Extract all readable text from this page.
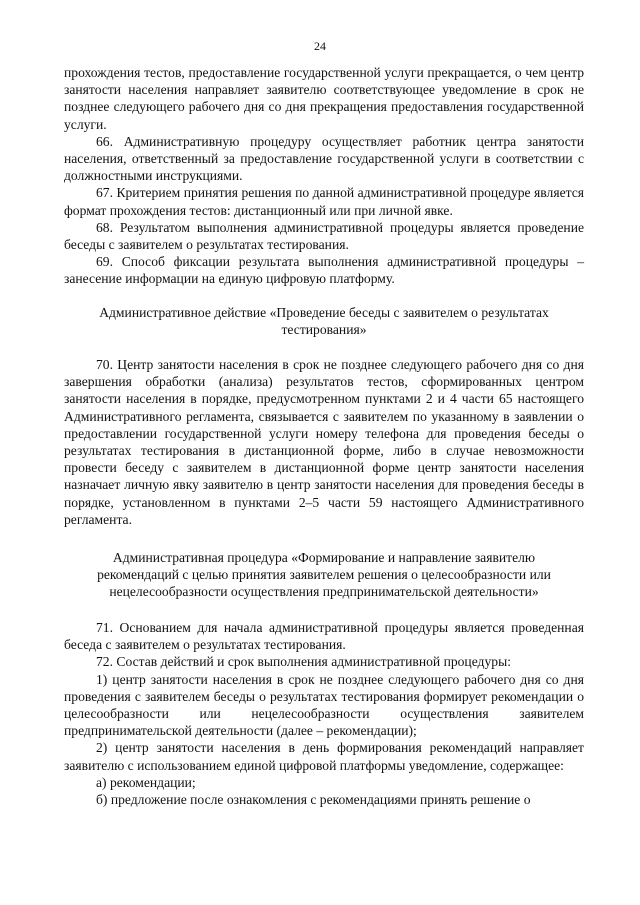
24

прохождения тестов, предоставление государственной услуги прекращается, о чем центр занятости населения направляет заявителю соответствующее уведомление в срок не позднее следующего рабочего дня со дня прекращения предоставления государственной услуги.

66. Административную процедуру осуществляет работник центра занятости населения, ответственный за предоставление государственной услуги в соответствии с должностными инструкциями.

67. Критерием принятия решения по данной административной процедуре является формат прохождения тестов: дистанционный или при личной явке.

68. Результатом выполнения административной процедуры является проведение беседы с заявителем о результатах тестирования.

69. Способ фиксации результата выполнения административной процедуры – занесение информации на единую цифровую платформу.

Административное действие «Проведение беседы с заявителем о результатах
тестирования»

70. Центр занятости населения в срок не позднее следующего рабочего дня со дня завершения обработки (анализа) результатов тестов, сформированных центром занятости населения в порядке, предусмотренном пунктами 2 и 4 части 65 настоящего Административного регламента, связывается с заявителем по указанному в заявлении о предоставлении государственной услуги номеру телефона для проведения беседы о результатах тестирования в дистанционной форме, либо в случае невозможности провести беседу с заявителем в дистанционной форме центр занятости населения назначает личную явку заявителю в центр занятости населения для проведения беседы в порядке, установленном в пунктами 2–5 части 59 настоящего Административного регламента.

Административная процедура «Формирование и направление заявителю
рекомендаций с целью принятия заявителем решения о целесообразности или
нецелесообразности осуществления предпринимательской деятельности»

71. Основанием для начала административной процедуры является проведенная беседа с заявителем о результатах тестирования.

72. Состав действий и срок выполнения административной процедуры:

1) центр занятости населения в срок не позднее следующего рабочего дня со дня проведения с заявителем беседы о результатах тестирования формирует рекомендации о целесообразности или нецелесообразности осуществления заявителем предпринимательской деятельности (далее – рекомендации);

2) центр занятости населения в день формирования рекомендаций направляет заявителю с использованием единой цифровой платформы уведомление, содержащее:

а) рекомендации;

б) предложение после ознакомления с рекомендациями принять решение о
